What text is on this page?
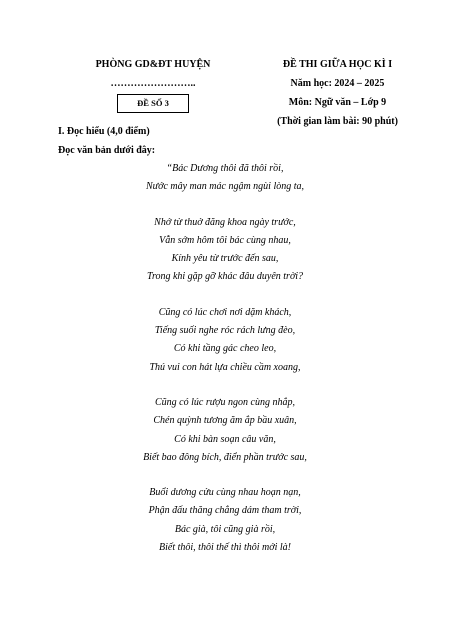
PHÒNG GD&ĐT HUYỆN
……………………..
ĐỀ SỐ 3
ĐỀ THI GIỮA HỌC KÌ I
Năm học: 2024 – 2025
Môn: Ngữ văn – Lớp 9
(Thời gian làm bài: 90 phút)
I. Đọc hiểu (4,0 điểm)
Đọc văn bản dưới đây:
“Bác Dương thôi đã thôi rồi,
Nước mây man mác ngậm ngùi lòng ta,
Nhớ từ thuở đăng khoa ngày trước,
Vẫn sớm hôm tôi bác cùng nhau,
Kính yêu từ trước đến sau,
Trong khi gặp gỡ khác đâu duyên trời?
Cũng có lúc chơi nơi dặm khách,
Tiếng suối nghe róc rách lưng đèo,
Có khi tầng gác cheo leo,
Thú vui con hát lựa chiều cầm xoang,
Cũng có lúc rượu ngon cùng nhắp,
Chén quỳnh tương ăm ắp bầu xuân,
Có khi bàn soạn câu văn,
Biết bao đông bích, điển phần trước sau,
Buổi dương cửu cùng nhau hoạn nạn,
Phận đấu thăng chẳng dám tham trời,
Bác già, tôi cũng già rồi,
Biết thôi, thôi thế thì thôi mới là!
